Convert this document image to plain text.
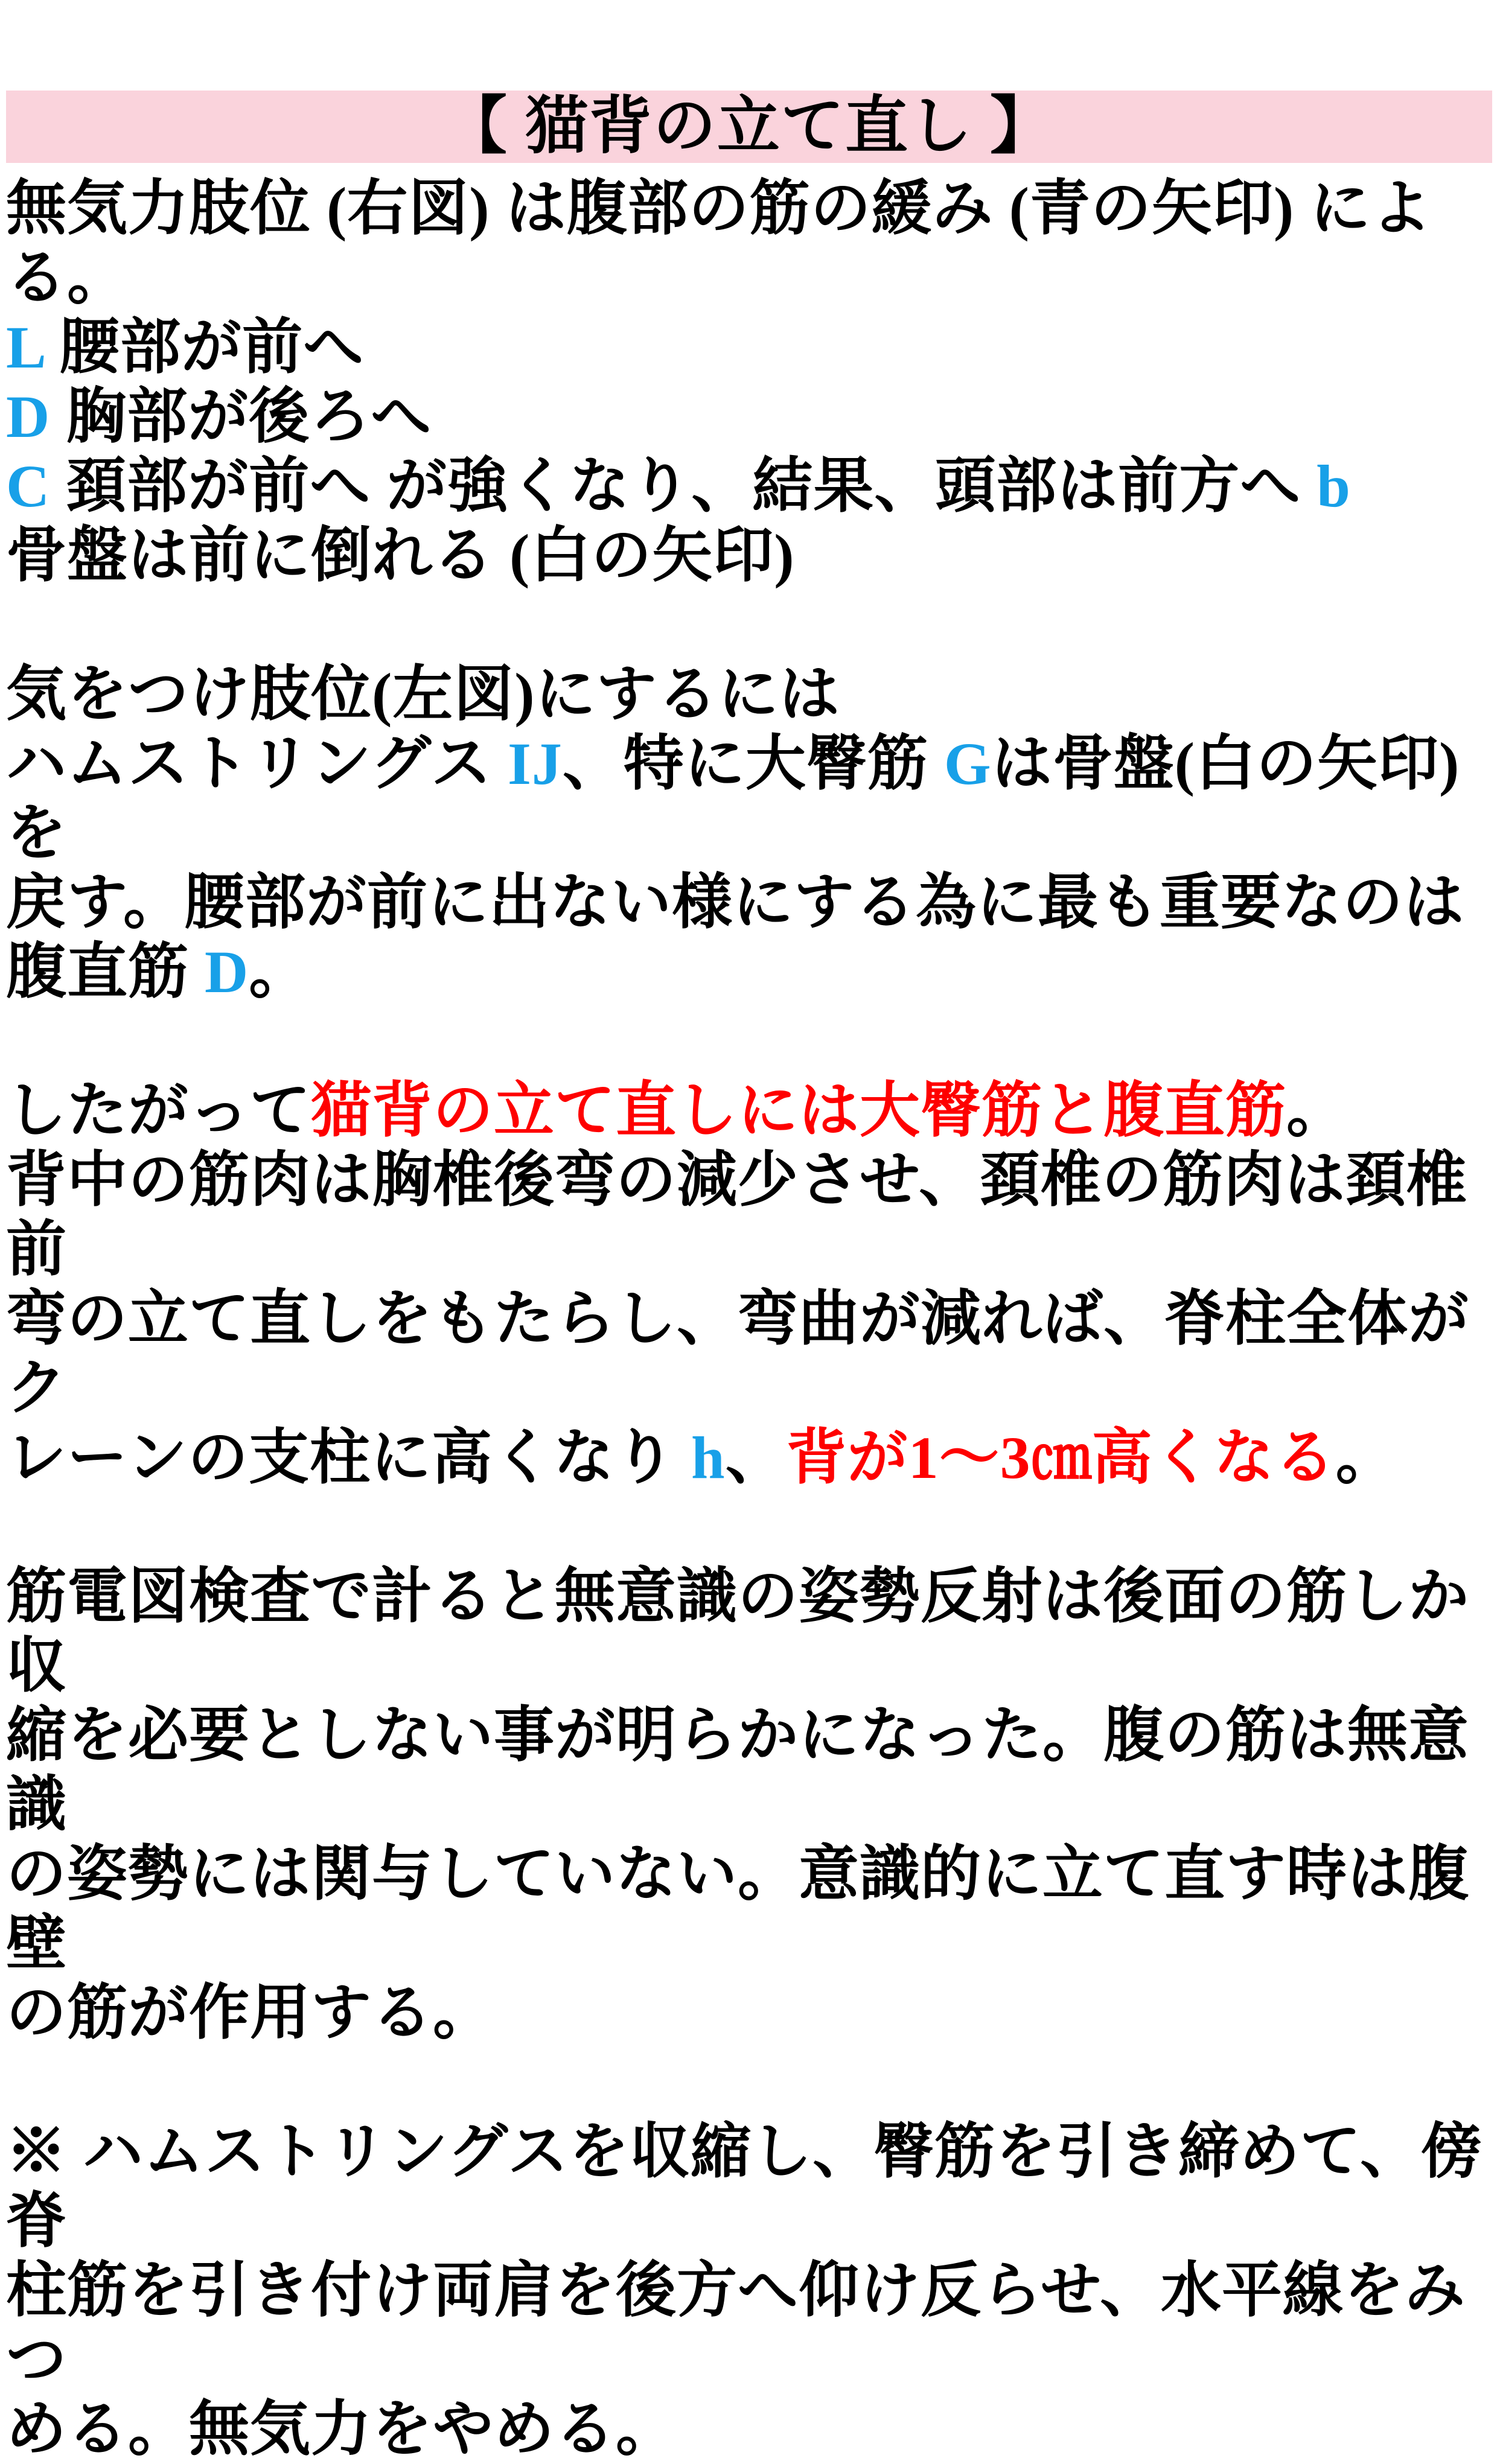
【 猫背の立て直し 】
無気力肢位 (右図) は腹部の筋の緩み (青の矢印) による。
L 腰部が前へ
D 胸部が後ろへ
C 頚部が前へ が強くなり、結果、頭部は前方へ b
骨盤は前に倒れる (白の矢印)
気をつけ肢位(左図)にするには
ハムストリングス IJ、特に大臀筋 Gは骨盤(白の矢印)を
戻す。腰部が前に出ない様にする為に最も重要なのは
腹直筋 D。
したがって猫背の立て直しには大臀筋と腹直筋。
背中の筋肉は胸椎後弯の減少させ、頚椎の筋肉は頚椎前
弯の立て直しをもたらし、弯曲が減れば、脊柱全体がク
レーンの支柱に高くなり h、背が1～3㎝高くなる。
筋電図検査で計ると無意識の姿勢反射は後面の筋しか収
縮を必要としない事が明らかになった。腹の筋は無意識
の姿勢には関与していない。意識的に立て直す時は腹壁
の筋が作用する。
※ ハムストリングスを収縮し、臀筋を引き締めて、傍脊
柱筋を引き付け両肩を後方へ仰け反らせ、水平線をみつ
める。無気力をやめる。
